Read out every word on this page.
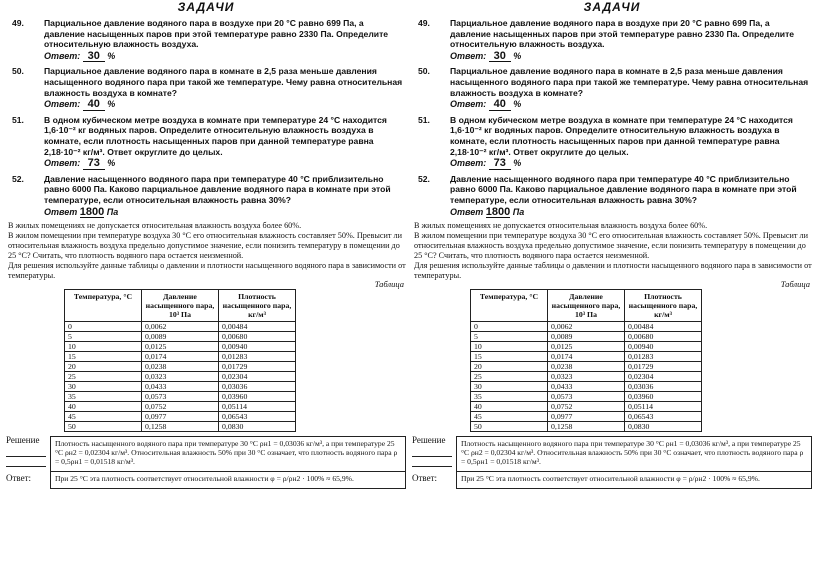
ЗАДАЧИ
49. Парциальное давление водяного пара в воздухе при 20 °С равно 699 Па, а давление насыщенных паров при этой температуре равно 2330 Па. Определите относительную влажность воздуха.
Ответ: 30 %
50. Парциальное давление водяного пара в комнате в 2,5 раза меньше давления насыщенного водяного пара при такой же температуре. Чему равна относительная влажность воздуха в комнате?
Ответ: 40 %
51. В одном кубическом метре воздуха в комнате при температуре 24 °С находится 1,6·10⁻² кг водяных паров. Определите относительную влажность воздуха в комнате, если плотность насыщенных паров при данной температуре равна 2,18·10⁻² кг/м³. Ответ округлите до целых.
Ответ: 73 %
52. Давление насыщенного водяного пара при температуре 40 °С приблизительно равно 6000 Па. Каково парциальное давление водяного пара в комнате при этой температуре, если относительная влажность равна 30%?
Ответ 1800 Па
В жилых помещениях не допускается относительная влажность воздуха более 60%.
В жилом помещении при температуре воздуха 30 °С его относительная влажность составляет 50%. Превысит ли относительная влажность воздуха предельно допустимое значение, если понизить температуру в помещении до 25 °С? Считать, что плотность водяного пара остается неизменной.
Для решения используйте данные таблицы о давлении и плотности насыщенного водяного пара в зависимости от температуры.
Таблица
Температура, °С	Давление насыщенного пара, 10³ Па	Плотность насыщенного пара, кг/м³
0	0,0062	0,00484
5	0,0089	0,00680
10	0,0125	0,00940
15	0,0174	0,01283
20	0,0238	0,01729
25	0,0323	0,02304
30	0,0433	0,03036
35	0,0573	0,03960
40	0,0752	0,05114
45	0,0977	0,06543
50	0,1258	0,0830
Решение	Плотность насыщенного водяного пара при температуре 30 °С ρн1 = 0,03036 кг/м³, а при температуре 25 °С ρн2 = 0,02304 кг/м³. Относительная влажность 50% при 30 °С означает, что плотность водяного пара ρ = 0,5ρн1 = 0,01518 кг/м³.
Ответ:	При 25 °С эта плотность соответствует относительной влажности φ = ρ/ρн2 · 100% ≈ 65,9%.
ЗАДАЧИ
49. Парциальное давление водяного пара в воздухе при 20 °С равно 699 Па, а давление насыщенных паров при этой температуре равно 2330 Па. Определите относительную влажность воздуха.
Ответ: 30 %
50. Парциальное давление водяного пара в комнате в 2,5 раза меньше давления насыщенного водяного пара при такой же температуре. Чему равна относительная влажность воздуха в комнате?
Ответ: 40 %
51. В одном кубическом метре воздуха в комнате при температуре 24 °С находится 1,6·10⁻² кг водяных паров. Определите относительную влажность воздуха в комнате, если плотность насыщенных паров при данной температуре равна 2,18·10⁻² кг/м³. Ответ округлите до целых.
Ответ: 73 %
52. Давление насыщенного водяного пара при температуре 40 °С приблизительно равно 6000 Па. Каково парциальное давление водяного пара в комнате при этой температуре, если относительная влажность равна 30%?
Ответ 1800 Па
В жилых помещениях не допускается относительная влажность воздуха более 60%.
В жилом помещении при температуре воздуха 30 °С его относительная влажность составляет 50%. Превысит ли относительная влажность воздуха предельно допустимое значение, если понизить температуру в помещении до 25 °С? Считать, что плотность водяного пара остается неизменной.
Для решения используйте данные таблицы о давлении и плотности насыщенного водяного пара в зависимости от температуры.
Таблица
Температура, °С	Давление насыщенного пара, 10³ Па	Плотность насыщенного пара, кг/м³
0	0,0062	0,00484
5	0,0089	0,00680
10	0,0125	0,00940
15	0,0174	0,01283
20	0,0238	0,01729
25	0,0323	0,02304
30	0,0433	0,03036
35	0,0573	0,03960
40	0,0752	0,05114
45	0,0977	0,06543
50	0,1258	0,0830
Решение	Плотность насыщенного водяного пара при температуре 30 °С ρн1 = 0,03036 кг/м³, а при температуре 25 °С ρн2 = 0,02304 кг/м³. Относительная влажность 50% при 30 °С означает, что плотность водяного пара ρ = 0,5ρн1 = 0,01518 кг/м³.
Ответ:	При 25 °С эта плотность соответствует относительной влажности φ = ρ/ρн2 · 100% ≈ 65,9%.
